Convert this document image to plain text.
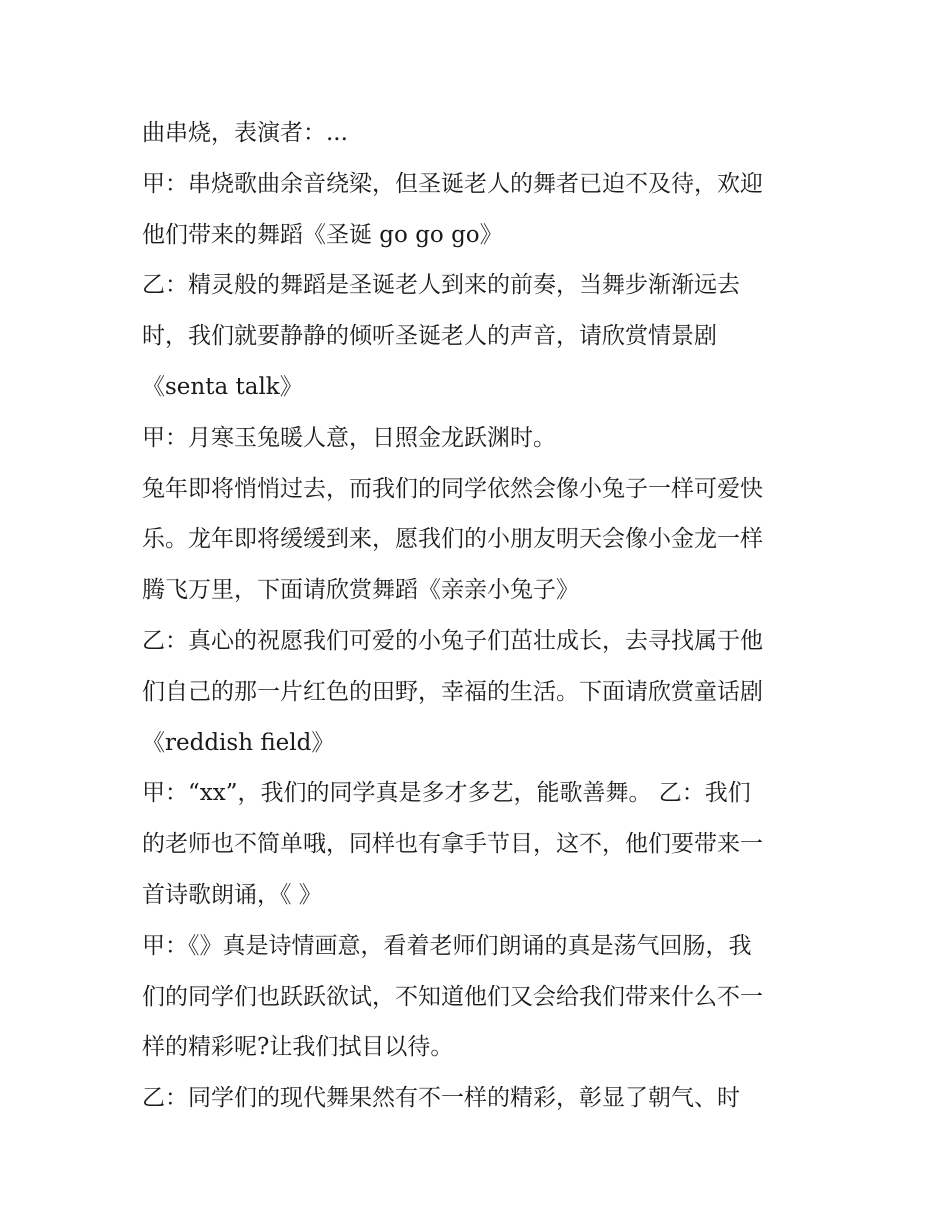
曲串烧，表演者：...
甲：串烧歌曲余音绕梁，但圣诞老人的舞者已迫不及待，欢迎
他们带来的舞蹈《圣诞 go go go》
乙：精灵般的舞蹈是圣诞老人到来的前奏，当舞步渐渐远去
时，我们就要静静的倾听圣诞老人的声音，请欣赏情景剧
《senta talk》
甲：月寒玉兔暖人意，日照金龙跃渊时。
兔年即将悄悄过去，而我们的同学依然会像小兔子一样可爱快
乐。龙年即将缓缓到来，愿我们的小朋友明天会像小金龙一样
腾飞万里，下面请欣赏舞蹈《亲亲小兔子》
乙：真心的祝愿我们可爱的小兔子们茁壮成长，去寻找属于他
们自己的那一片红色的田野，幸福的生活。下面请欣赏童话剧
《reddish field》
甲：“xx”，我们的同学真是多才多艺，能歌善舞。 乙：我们
的老师也不简单哦，同样也有拿手节目，这不，他们要带来一
首诗歌朗诵，《 》
甲：《》真是诗情画意，看着老师们朗诵的真是荡气回肠，我
们的同学们也跃跃欲试，不知道他们又会给我们带来什么不一
样的精彩呢?让我们拭目以待。
乙：同学们的现代舞果然有不一样的精彩，彰显了朝气、时
